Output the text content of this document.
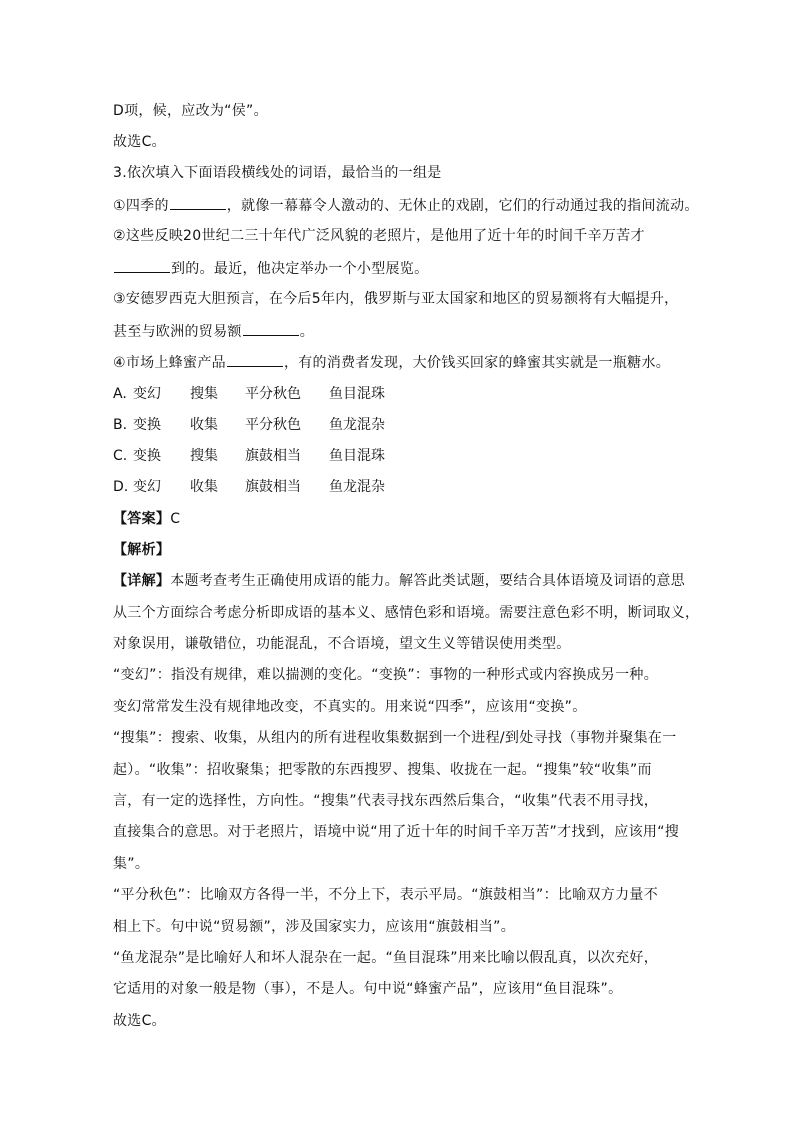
D项，候，应改为“侯”。
故选C。
3.依次填入下面语段横线处的词语，最恰当的一组是
①四季的	，就像一幕幕令人激动的、无休止的戏剧，它们的行动通过我的指间流动。
②这些反映20世纪二三十年代广泛风貌的老照片，是他用了近十年的时间千辛万苦才
到的。最近，他决定举办一个小型展览。
③安德罗西克大胆预言，在今后5年内，俄罗斯与亚太国家和地区的贸易额将有大幅提升，
甚至与欧洲的贸易额	。
④市场上蜂蜜产品	，有的消费者发现，大价钱买回家的蜂蜜其实就是一瓶糖水。
A. 变幻 搜集 平分秋色 鱼目混珠
B. 变换 收集 平分秋色 鱼龙混杂
C. 变换 搜集 旗鼓相当 鱼目混珠
D. 变幻 收集 旗鼓相当 鱼龙混杂
【答案】C
【解析】
【详解】本题考查考生正确使用成语的能力。解答此类试题，要结合具体语境及词语的意思
从三个方面综合考虑分析即成语的基本义、感情色彩和语境。需要注意色彩不明，断词取义，
对象误用，谦敬错位，功能混乱，不合语境，望文生义等错误使用类型。
“变幻”：指没有规律，难以揣测的变化。“变换”：事物的一种形式或内容换成另一种。
变幻常常发生没有规律地改变，不真实的。用来说“四季”，应该用“变换”。
“搜集”：搜索、收集，从组内的所有进程收集数据到一个进程/到处寻找（事物并聚集在一
起）。“收集”：招收聚集；把零散的东西搜罗、搜集、收拢在一起。“搜集”较“收集”而
言，有一定的选择性，方向性。“搜集”代表寻找东西然后集合，“收集”代表不用寻找，
直接集合的意思。对于老照片，语境中说“用了近十年的时间千辛万苦”才找到，应该用“搜
集”。
“平分秋色”：比喻双方各得一半，不分上下，表示平局。“旗鼓相当”：比喻双方力量不
相上下。句中说“贸易额”，涉及国家实力，应该用“旗鼓相当”。
“鱼龙混杂”是比喻好人和坏人混杂在一起。“鱼目混珠”用来比喻以假乱真，以次充好，
它适用的对象一般是物（事），不是人。句中说“蜂蜜产品”，应该用“鱼目混珠”。
故选C。
